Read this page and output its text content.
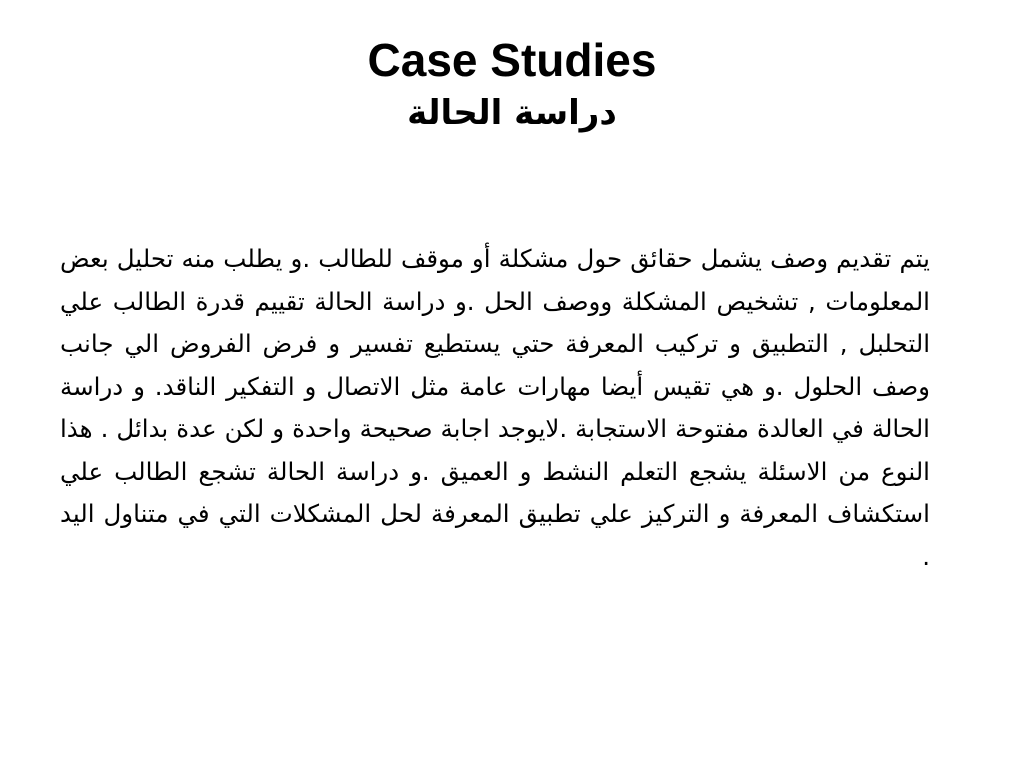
Case Studies
دراسة الحالة

يتم تقديم وصف يشمل حقائق حول مشكلة أو موقف للطالب .و يطلب منه تحليل بعض المعلومات , تشخيص المشكلة ووصف الحل .و دراسة الحالة تقييم قدرة الطالب علي التحلبل , التطبيق و تركيب المعرفة حتي يستطيع تفسير و فرض الفروض الي جانب وصف الحلول .و هي تقيس أيضا مهارات عامة مثل الاتصال و التفكير الناقد. و دراسة الحالة في العالدة مفتوحة الاستجابة .لايوجد اجابة صحيحة واحدة و لكن عدة بدائل . هذا النوع من الاسئلة يشجع التعلم النشط و العميق .و دراسة الحالة تشجع الطالب علي استكشاف المعرفة و التركيز علي تطبيق المعرفة لحل المشكلات التي في متناول اليد .
